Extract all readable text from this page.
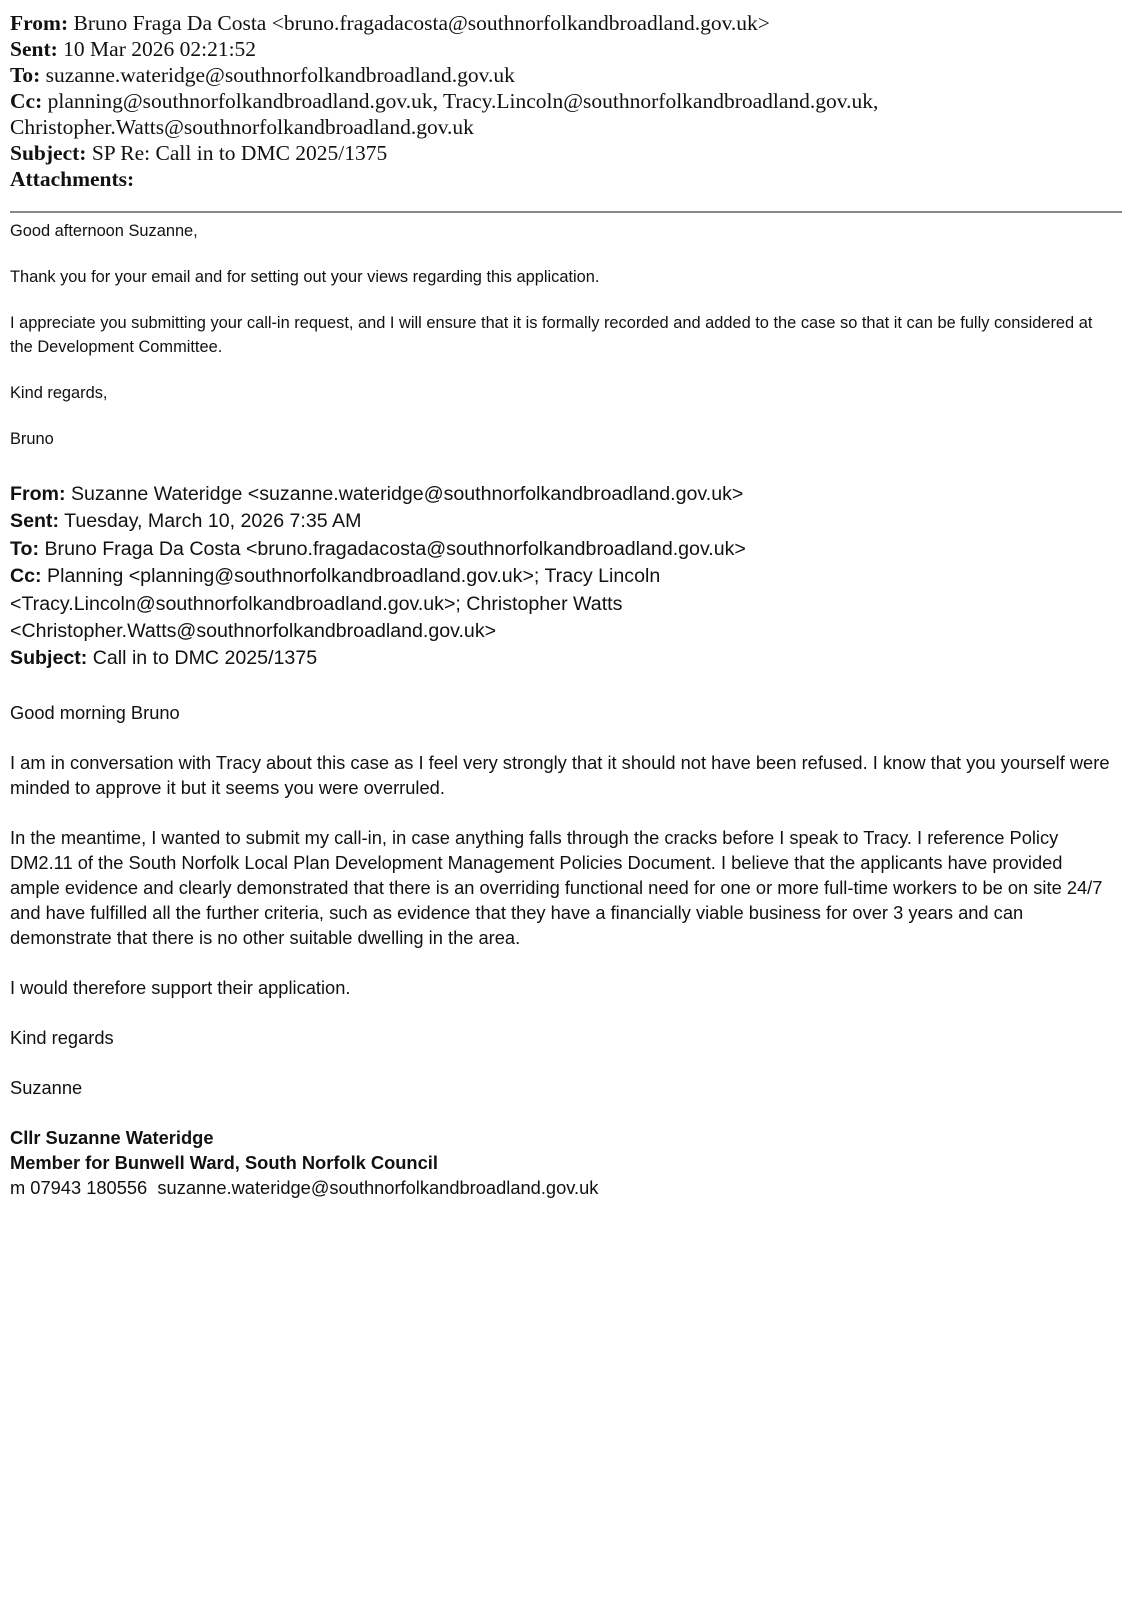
From: Bruno Fraga Da Costa <bruno.fragadacosta@southnorfolkandbroadland.gov.uk>
Sent: 10 Mar 2026 02:21:52
To: suzanne.wateridge@southnorfolkandbroadland.gov.uk
Cc: planning@southnorfolkandbroadland.gov.uk, Tracy.Lincoln@southnorfolkandbroadland.gov.uk,
Christopher.Watts@southnorfolkandbroadland.gov.uk
Subject: SP Re: Call in to DMC 2025/1375
Attachments:

Good afternoon Suzanne,

Thank you for your email and for setting out your views regarding this application.

I appreciate you submitting your call-in request, and I will ensure that it is formally recorded and added to the case so that it can be fully considered at the Development Committee.

Kind regards,

Bruno

From: Suzanne Wateridge <suzanne.wateridge@southnorfolkandbroadland.gov.uk>
Sent: Tuesday, March 10, 2026 7:35 AM
To: Bruno Fraga Da Costa <bruno.fragadacosta@southnorfolkandbroadland.gov.uk>
Cc: Planning <planning@southnorfolkandbroadland.gov.uk>; Tracy Lincoln <Tracy.Lincoln@southnorfolkandbroadland.gov.uk>; Christopher Watts <Christopher.Watts@southnorfolkandbroadland.gov.uk>
Subject: Call in to DMC 2025/1375

Good morning Bruno

I am in conversation with Tracy about this case as I feel very strongly that it should not have been refused. I know that you yourself were minded to approve it but it seems you were overruled.

In the meantime, I wanted to submit my call-in, in case anything falls through the cracks before I speak to Tracy. I reference Policy DM2.11 of the South Norfolk Local Plan Development Management Policies Document. I believe that the applicants have provided ample evidence and clearly demonstrated that there is an overriding functional need for one or more full-time workers to be on site 24/7 and have fulfilled all the further criteria, such as evidence that they have a financially viable business for over 3 years and can demonstrate that there is no other suitable dwelling in the area.

I would therefore support their application.

Kind regards

Suzanne

Cllr Suzanne Wateridge
Member for Bunwell Ward, South Norfolk Council
m 07943 180556  suzanne.wateridge@southnorfolkandbroadland.gov.uk
